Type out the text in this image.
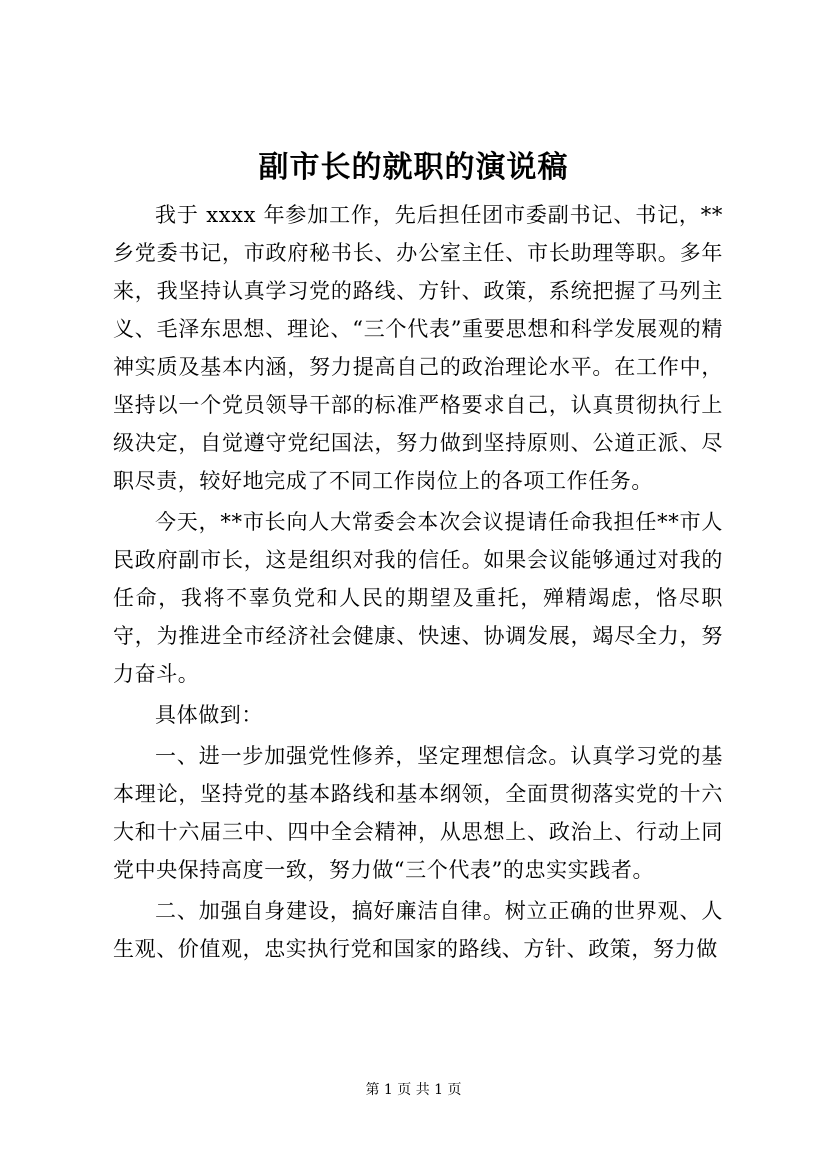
副市长的就职的演说稿

我于 xxxx 年参加工作，先后担任团市委副书记、书记，**乡党委书记，市政府秘书长、办公室主任、市长助理等职。多年来，我坚持认真学习党的路线、方针、政策，系统把握了马列主义、毛泽东思想、理论、“三个代表”重要思想和科学发展观的精神实质及基本内涵，努力提高自己的政治理论水平。在工作中，坚持以一个党员领导干部的标准严格要求自己，认真贯彻执行上级决定，自觉遵守党纪国法，努力做到坚持原则、公道正派、尽职尽责，较好地完成了不同工作岗位上的各项工作任务。

今天，**市长向人大常委会本次会议提请任命我担任**市人民政府副市长，这是组织对我的信任。如果会议能够通过对我的任命，我将不辜负党和人民的期望及重托，殚精竭虑，恪尽职守，为推进全市经济社会健康、快速、协调发展，竭尽全力，努力奋斗。

具体做到：

一、进一步加强党性修养，坚定理想信念。认真学习党的基本理论，坚持党的基本路线和基本纲领，全面贯彻落实党的十六大和十六届三中、四中全会精神，从思想上、政治上、行动上同党中央保持高度一致，努力做“三个代表”的忠实实践者。

二、加强自身建设，搞好廉洁自律。树立正确的世界观、人生观、价值观，忠实执行党和国家的路线、方针、政策，努力做

第 1 页 共 1 页
